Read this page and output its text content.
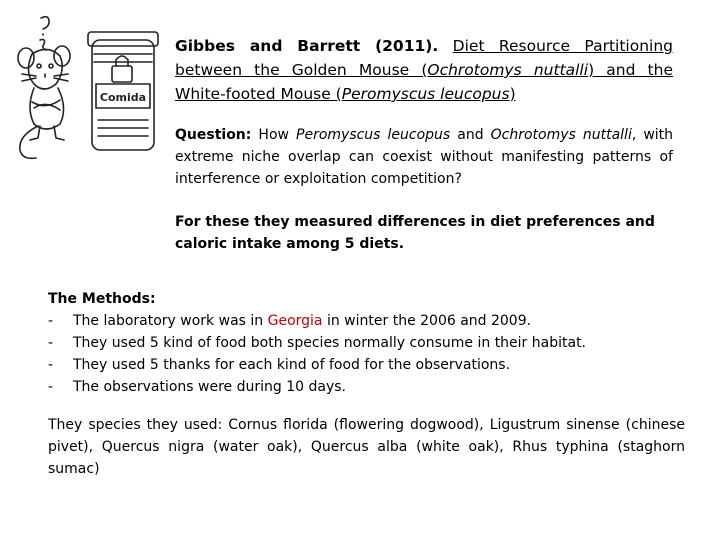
Comida
Gibbes and Barrett (2011). Diet Resource Partitioning between the Golden Mouse (Ochrotomys nuttalli) and the White-footed Mouse (Peromyscus leucopus)
Question: How Peromyscus leucopus and Ochrotomys nuttalli, with extreme niche overlap can coexist without manifesting patterns of interference or exploitation competition?
For these they measured differences in diet preferences and caloric intake among 5 diets.
The Methods:
- The laboratory work was in Georgia in winter the 2006 and 2009.
- They used 5 kind of food both species normally consume in their habitat.
- They used 5 thanks for each kind of food for the observations.
- The observations were during 10 days.
They species they used: Cornus florida (flowering dogwood), Ligustrum sinense (chinese pivet), Quercus nigra (water oak), Quercus alba (white oak), Rhus typhina (staghorn sumac)
